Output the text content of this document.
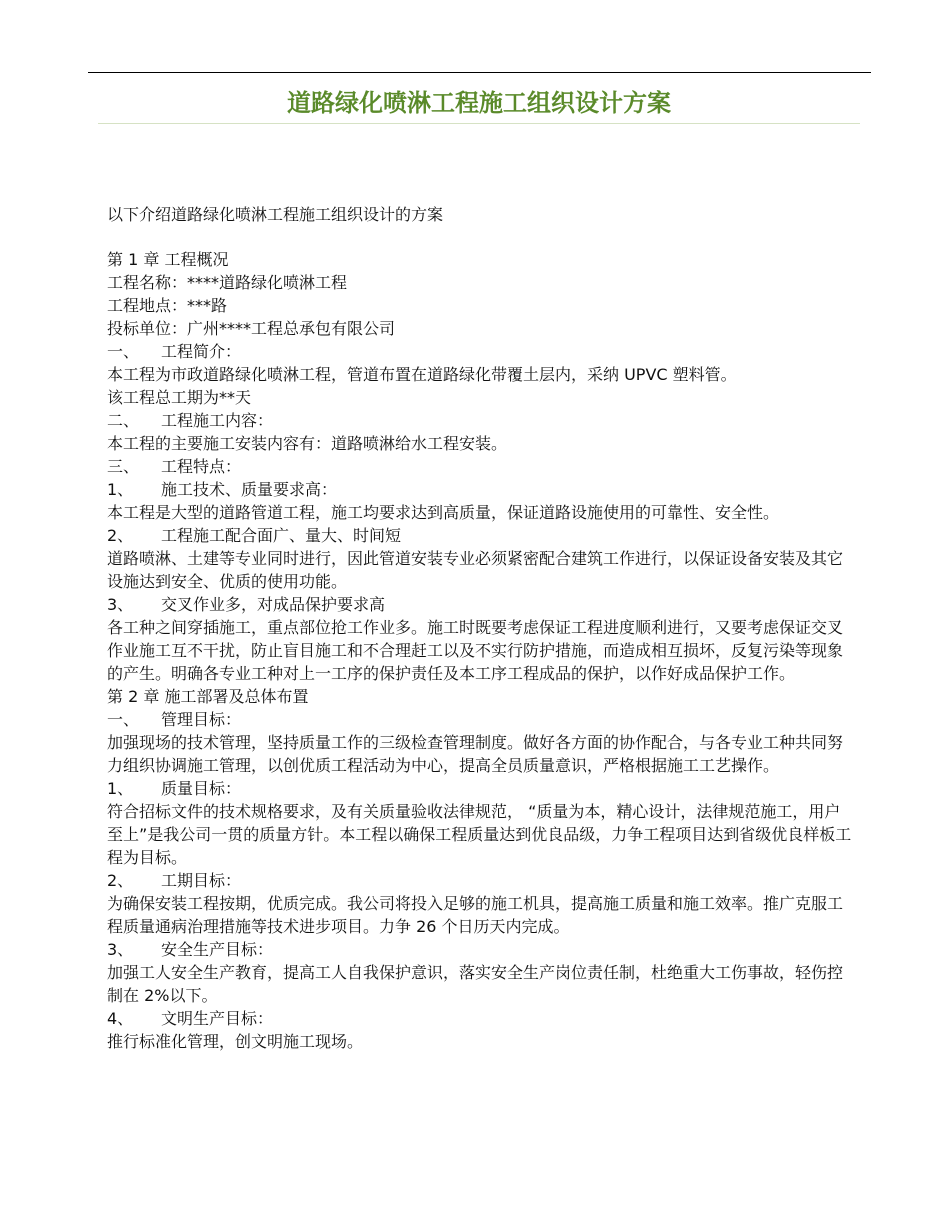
道路绿化喷淋工程施工组织设计方案

以下介绍道路绿化喷淋工程施工组织设计的方案

第 1 章 工程概况

工程名称：****道路绿化喷淋工程

工程地点：***路

投标单位：广州****工程总承包有限公司

一、 工程简介：

本工程为市政道路绿化喷淋工程，管道布置在道路绿化带覆土层内，采纳 UPVC 塑料管。

该工程总工期为**天

二、 工程施工内容：

本工程的主要施工安装内容有：道路喷淋给水工程安装。

三、 工程特点：

1、 施工技术、质量要求高：

本工程是大型的道路管道工程，施工均要求达到高质量，保证道路设施使用的可靠性、安全性。

2、 工程施工配合面广、量大、时间短

道路喷淋、土建等专业同时进行，因此管道安装专业必须紧密配合建筑工作进行，以保证设备安装及其它设施达到安全、优质的使用功能。

3、 交叉作业多，对成品保护要求高

各工种之间穿插施工，重点部位抢工作业多。施工时既要考虑保证工程进度顺利进行，又要考虑保证交叉作业施工互不干扰，防止盲目施工和不合理赶工以及不实行防护措施，而造成相互损坏，反复污染等现象的产生。明确各专业工种对上一工序的保护责任及本工序工程成品的保护，以作好成品保护工作。

第 2 章 施工部署及总体布置

一、 管理目标：

加强现场的技术管理，坚持质量工作的三级检查管理制度。做好各方面的协作配合，与各专业工种共同努力组织协调施工管理，以创优质工程活动为中心，提高全员质量意识，严格根据施工工艺操作。

1、 质量目标：

符合招标文件的技术规格要求，及有关质量验收法律规范， “质量为本，精心设计，法律规范施工，用户至上”是我公司一贯的质量方针。本工程以确保工程质量达到优良品级，力争工程项目达到省级优良样板工程为目标。

2、 工期目标：

为确保安装工程按期，优质完成。我公司将投入足够的施工机具，提高施工质量和施工效率。推广克服工程质量通病治理措施等技术进步项目。力争 26 个日历天内完成。

3、 安全生产目标：

加强工人安全生产教育，提高工人自我保护意识，落实安全生产岗位责任制，杜绝重大工伤事故，轻伤控制在 2%以下。

4、 文明生产目标：

推行标准化管理，创文明施工现场。
